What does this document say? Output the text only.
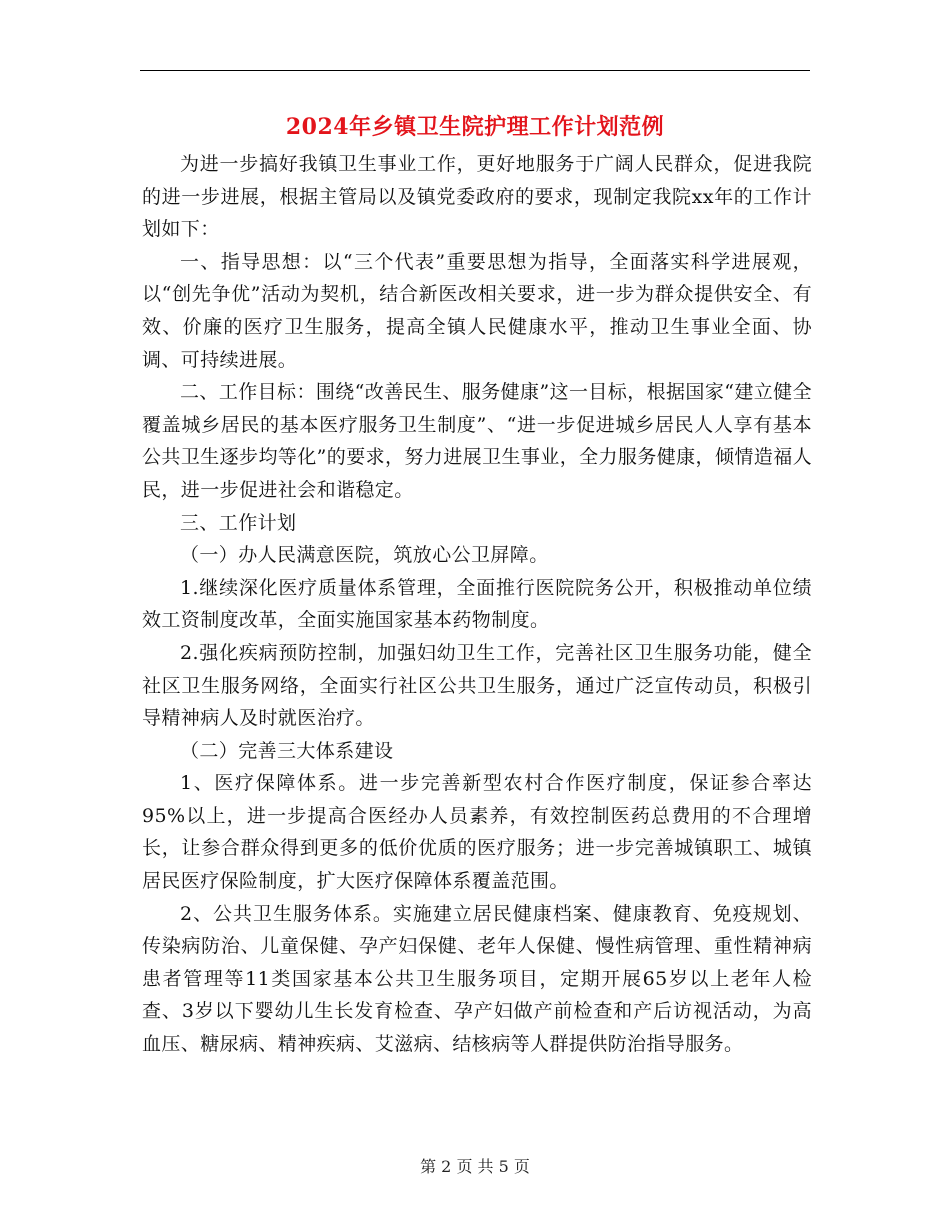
2024年乡镇卫生院护理工作计划范例

为进一步搞好我镇卫生事业工作，更好地服务于广阔人民群众，促进我院的进一步进展，根据主管局以及镇党委政府的要求，现制定我院xx年的工作计划如下：

一、指导思想：以“三个代表”重要思想为指导，全面落实科学进展观，以“创先争优”活动为契机，结合新医改相关要求，进一步为群众提供安全、有效、价廉的医疗卫生服务，提高全镇人民健康水平，推动卫生事业全面、协调、可持续进展。

二、工作目标：围绕“改善民生、服务健康”这一目标，根据国家“建立健全覆盖城乡居民的基本医疗服务卫生制度”、“进一步促进城乡居民人人享有基本公共卫生逐步均等化”的要求，努力进展卫生事业，全力服务健康，倾情造福人民，进一步促进社会和谐稳定。

三、工作计划

（一）办人民满意医院，筑放心公卫屏障。

1.继续深化医疗质量体系管理，全面推行医院院务公开，积极推动单位绩效工资制度改革，全面实施国家基本药物制度。

2.强化疾病预防控制，加强妇幼卫生工作，完善社区卫生服务功能，健全社区卫生服务网络，全面实行社区公共卫生服务，通过广泛宣传动员，积极引导精神病人及时就医治疗。

（二）完善三大体系建设

1、医疗保障体系。进一步完善新型农村合作医疗制度，保证参合率达95%以上，进一步提高合医经办人员素养，有效控制医药总费用的不合理增长，让参合群众得到更多的低价优质的医疗服务；进一步完善城镇职工、城镇居民医疗保险制度，扩大医疗保障体系覆盖范围。

2、公共卫生服务体系。实施建立居民健康档案、健康教育、免疫规划、传染病防治、儿童保健、孕产妇保健、老年人保健、慢性病管理、重性精神病患者管理等11类国家基本公共卫生服务项目，定期开展65岁以上老年人检查、3岁以下婴幼儿生长发育检查、孕产妇做产前检查和产后访视活动，为高血压、糖尿病、精神疾病、艾滋病、结核病等人群提供防治指导服务。

第 2 页 共 5 页
